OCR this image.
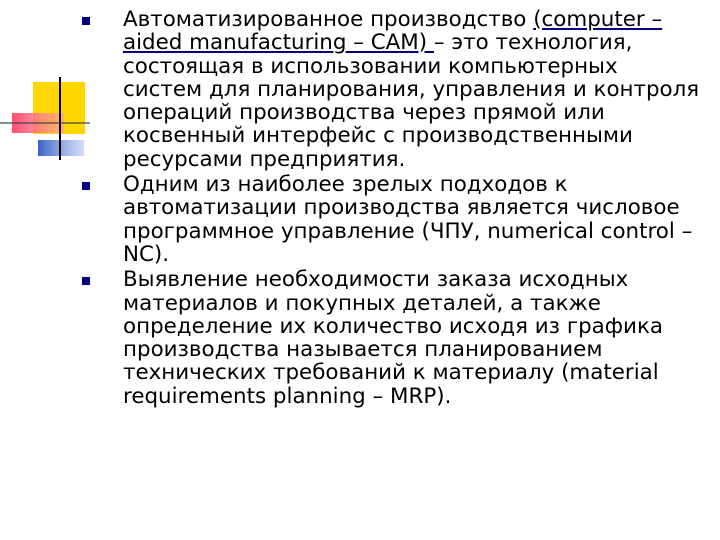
Автоматизированное производство (computer –aided manufacturing – CAM) – это технология, состоящая в использовании компьютерных систем для планирования, управления и контроля операций производства через прямой или косвенный интерфейс с производственными ресурсами предприятия.
Одним из наиболее зрелых подходов к автоматизации производства является числовое программное управление (ЧПУ, numerical control – NC).
Выявление необходимости заказа исходных материалов и покупных деталей, а также определение их количество исходя из графика производства называется планированием технических требований к материалу (material requirements planning – MRP).
